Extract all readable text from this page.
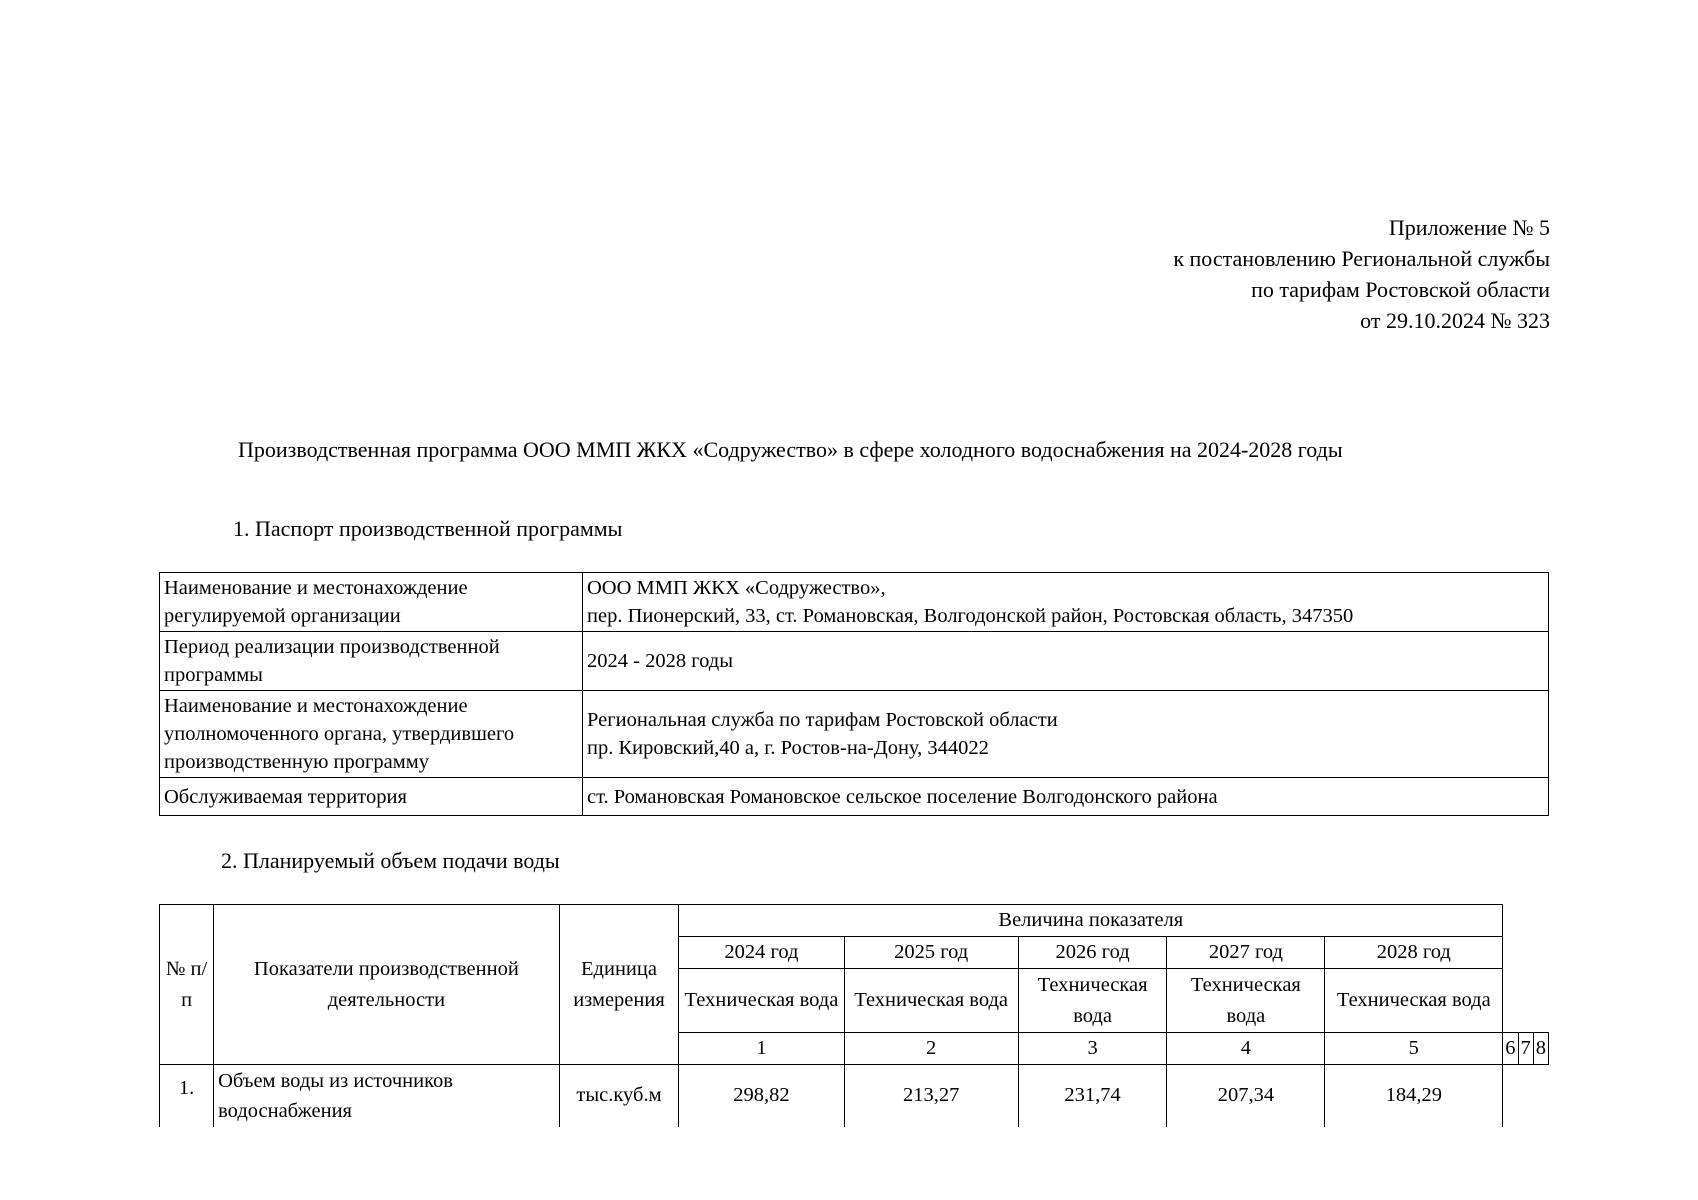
Приложение № 5
к постановлению Региональной службы
по тарифам Ростовской области
от 29.10.2024 № 323
Производственная программа ООО ММП ЖКХ «Содружество» в сфере холодного водоснабжения на 2024-2028 годы
1. Паспорт производственной программы
Наименование и местонахождение регулируемой организации	ООО ММП ЖКХ «Содружество»,
пер. Пионерский, 33, ст. Романовская, Волгодонской район, Ростовская область, 347350

Период реализации производственной программы	2024 - 2028 годы

Наименование и местонахождение уполномоченного органа, утвердившего производственную программу	Региональная служба по тарифам Ростовской области
пр. Кировский,40 а, г. Ростов-на-Дону, 344022

Обслуживаемая территория	ст. Романовская Романовское сельское поселение Волгодонского района
2. Планируемый объем подачи воды
№ п/п	Показатели производственной деятельности	Единица измерения	Величина показателя							
			2024 год	2025 год	2026 год	2027 год	2028 год			
			Техническая вода	Техническая вода	Техническая вода	Техническая вода	Техническая вода			
			1	2	3	4	5	6	7	8
1.	Объем воды из источников водоснабжения	тыс.куб.м	298,82	213,27	231,74	207,34	184,29			
